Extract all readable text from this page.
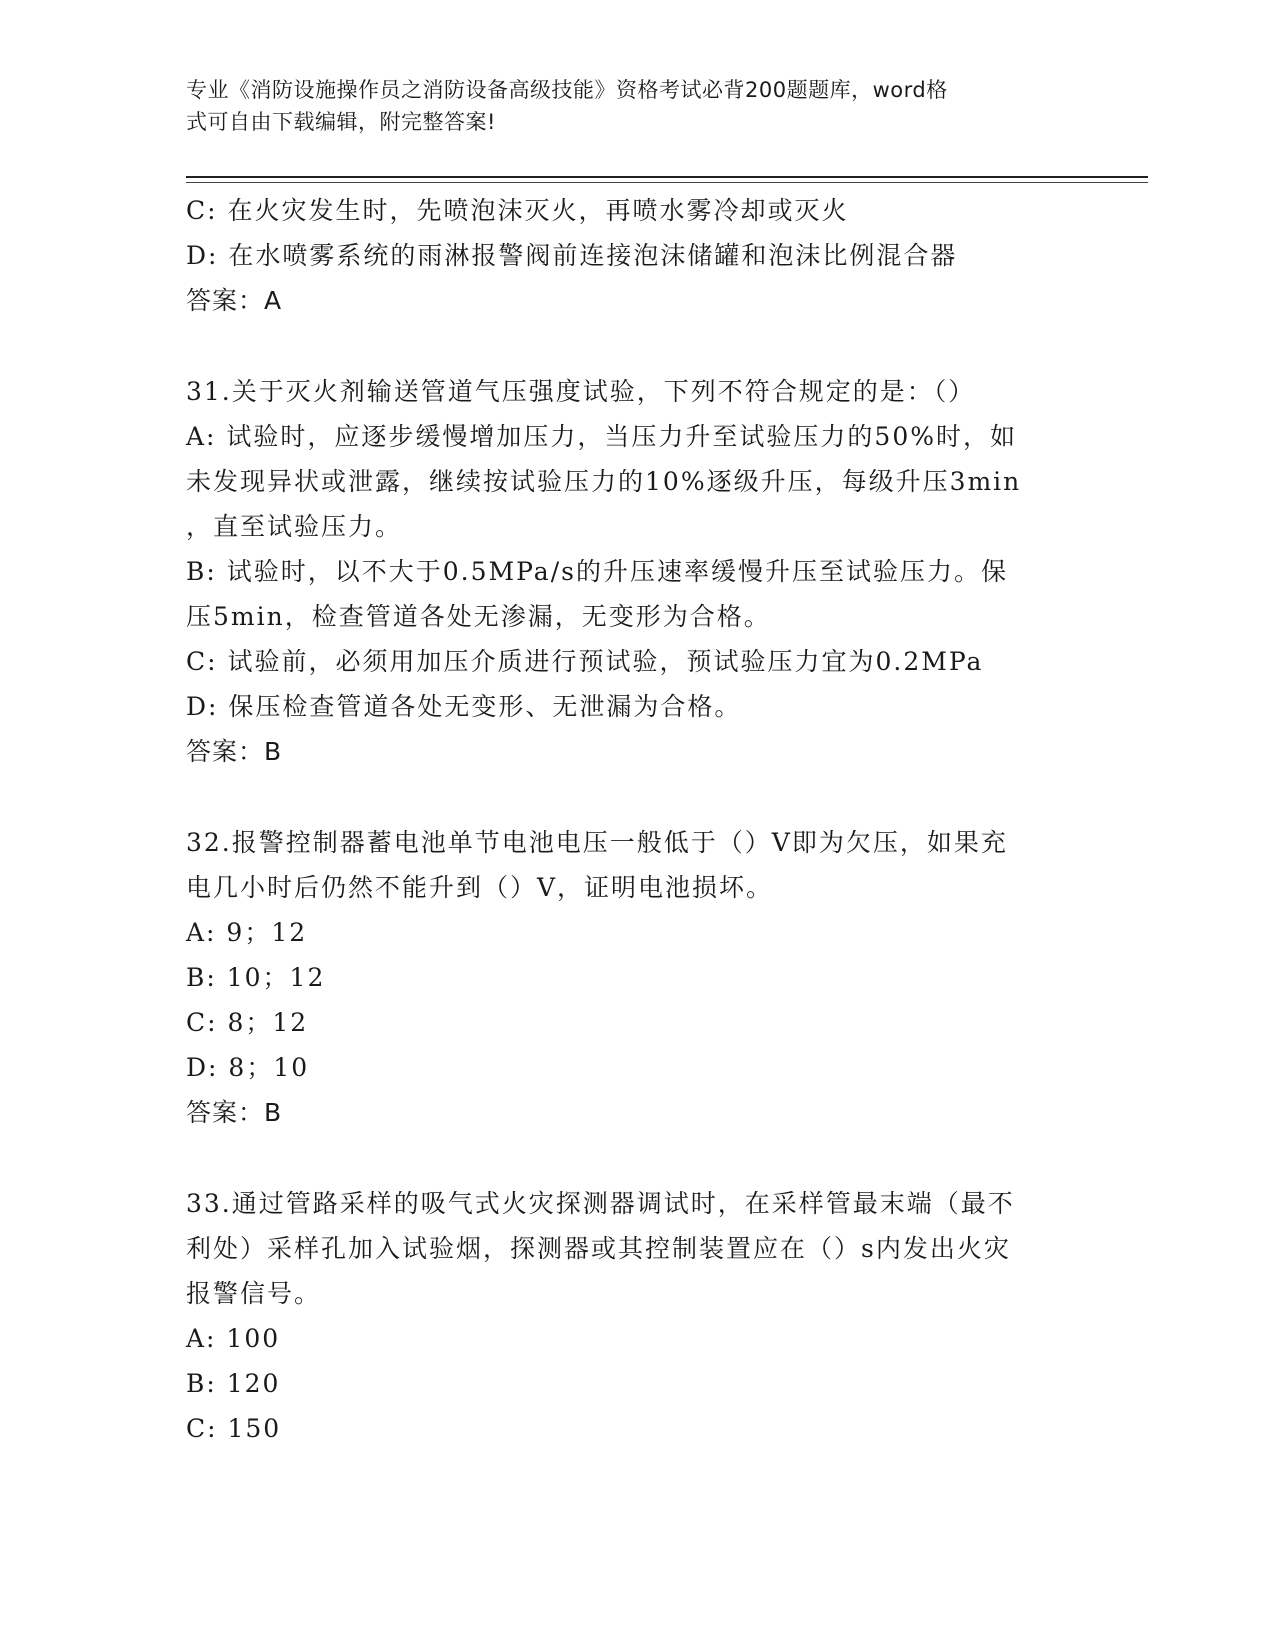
专业《消防设施操作员之消防设备高级技能》资格考试必背200题题库，word格
式可自由下载编辑，附完整答案!
C: 在火灾发生时，先喷泡沫灭火，再喷水雾冷却或灭火
D: 在水喷雾系统的雨淋报警阀前连接泡沫储罐和泡沫比例混合器
答案：A
31.关于灭火剂输送管道气压强度试验，下列不符合规定的是：（）
A: 试验时，应逐步缓慢增加压力，当压力升至试验压力的50%时，如
未发现异状或泄露，继续按试验压力的10%逐级升压，每级升压3min
，直至试验压力。
B: 试验时，以不大于0.5MPa/s的升压速率缓慢升压至试验压力。保
压5min，检查管道各处无渗漏，无变形为合格。
C: 试验前，必须用加压介质进行预试验，预试验压力宜为0.2MPa
D: 保压检查管道各处无变形、无泄漏为合格。
答案：B
32.报警控制器蓄电池单节电池电压一般低于（）V即为欠压，如果充
电几小时后仍然不能升到（）V，证明电池损坏。
A: 9；12
B: 10；12
C: 8；12
D: 8；10
答案：B
33.通过管路采样的吸气式火灾探测器调试时，在采样管最末端（最不
利处）采样孔加入试验烟，探测器或其控制装置应在（）s内发出火灾
报警信号。
A: 100
B: 120
C: 150
